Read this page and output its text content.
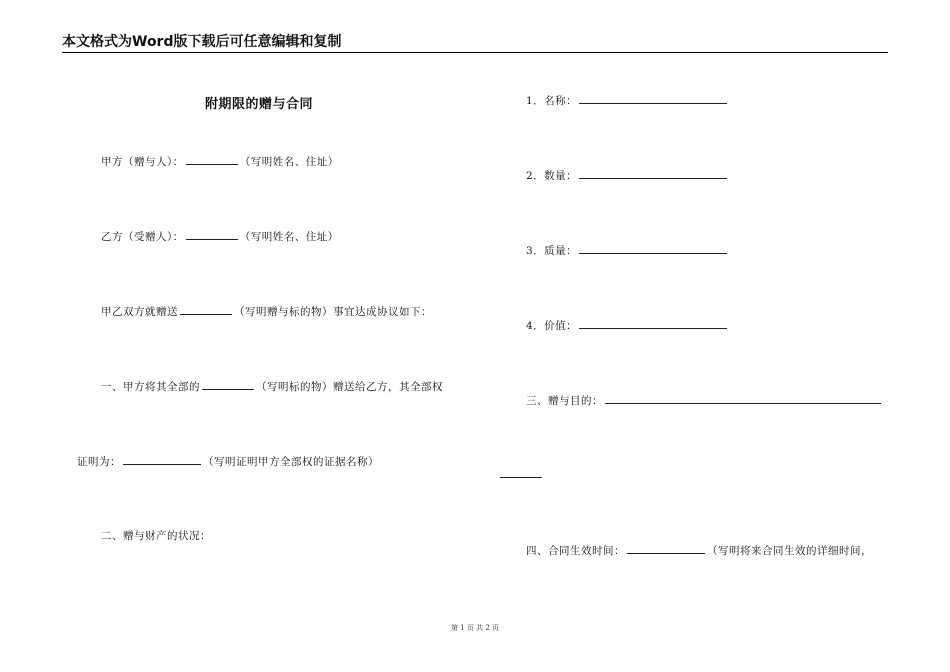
本文格式为Word版下载后可任意编辑和复制
附期限的赠与合同
甲方（赠与人）：	（写明姓名、住址）
乙方（受赠人）：	（写明姓名、住址）
甲乙双方就赠送	（写明赠与标的物）事宜达成协议如下：
一、甲方将其全部的	（写明标的物）赠送给乙方，其全部权
证明为：	（写明证明甲方全部权的证据名称）
二、赠与财产的状况：
1．名称：
2．数量：
3．质量：
4．价值：
三、赠与目的：
四、合同生效时间：	（写明将来合同生效的详细时间，
第 1 页 共 2 页
